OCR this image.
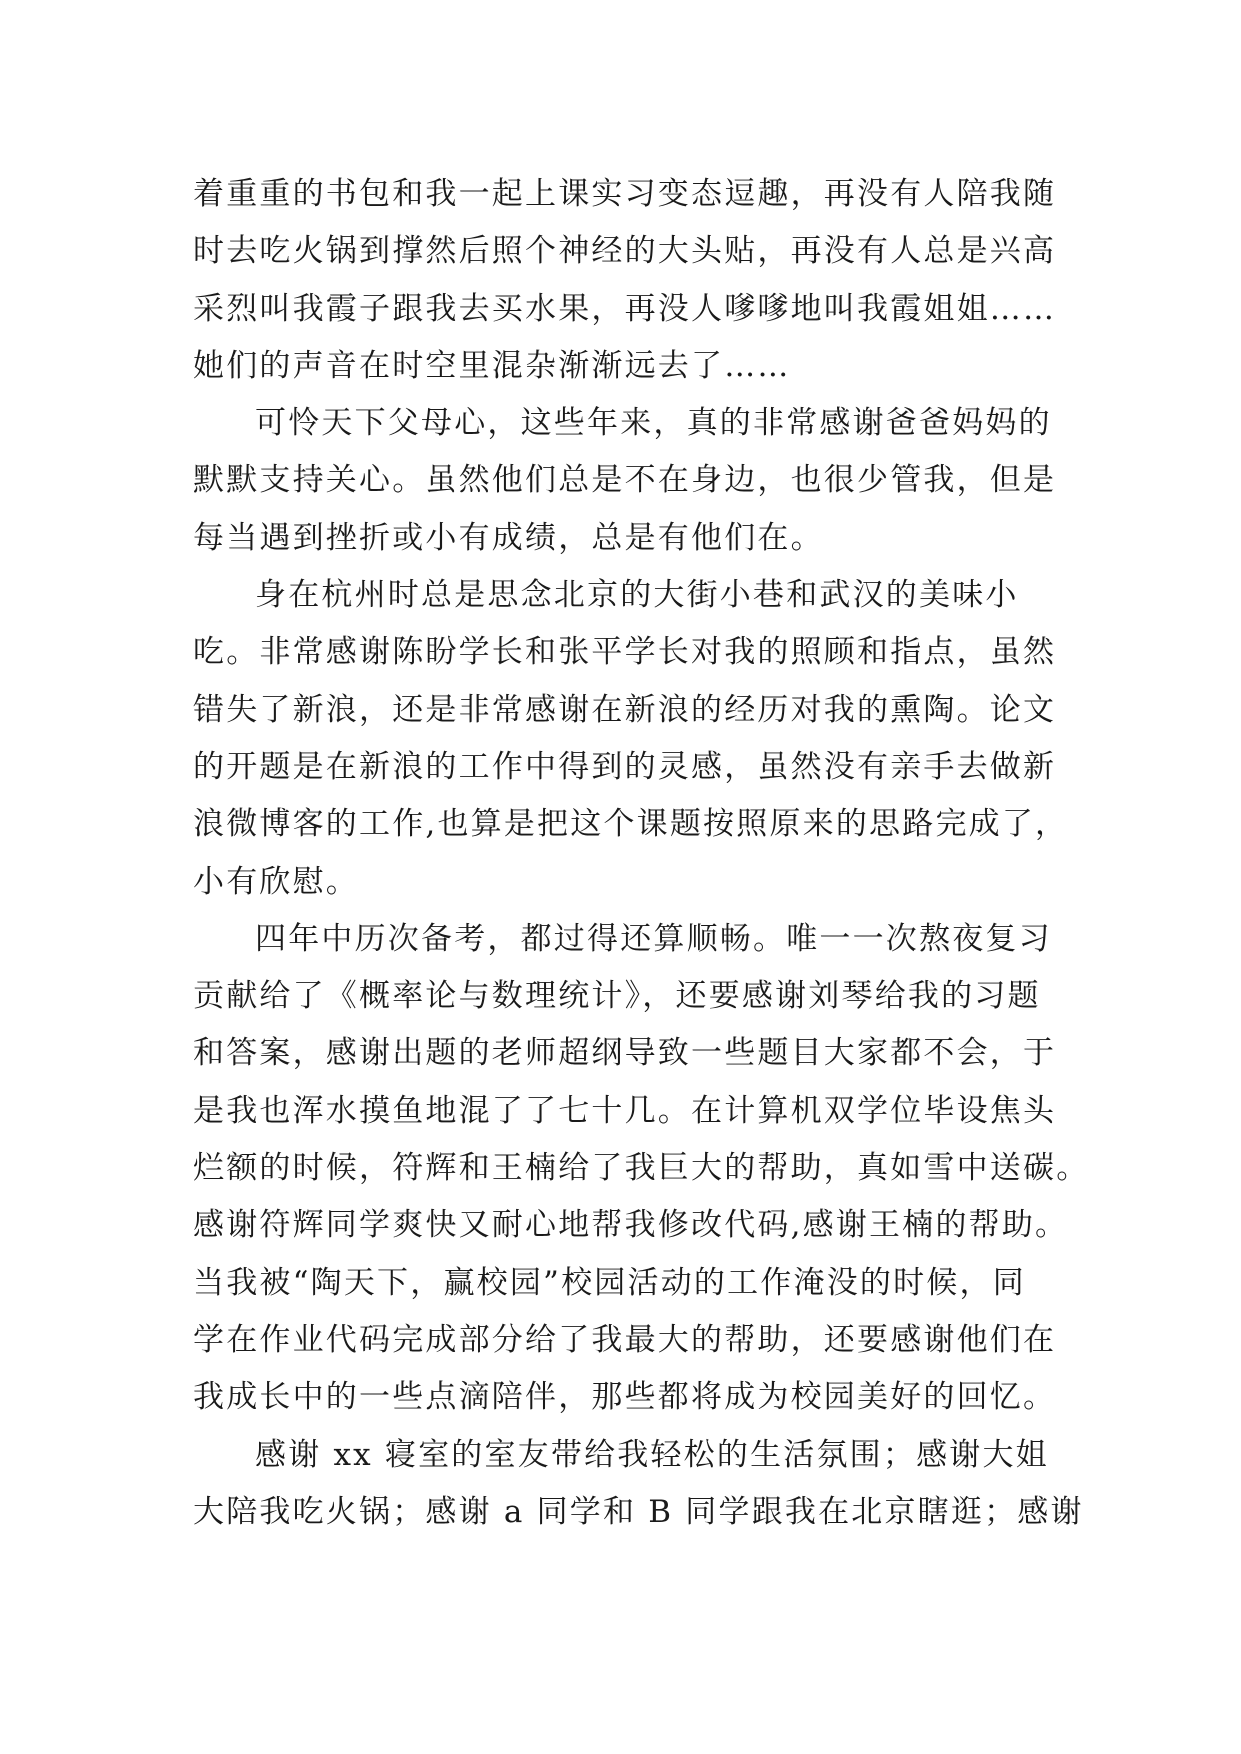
着重重的书包和我一起上课实习变态逗趣，再没有人陪我随
时去吃火锅到撑然后照个神经的大头贴，再没有人总是兴高
采烈叫我霞子跟我去买水果，再没人嗲嗲地叫我霞姐姐……
她们的声音在时空里混杂渐渐远去了……
可怜天下父母心，这些年来，真的非常感谢爸爸妈妈的
默默支持关心。虽然他们总是不在身边，也很少管我，但是
每当遇到挫折或小有成绩，总是有他们在。
身在杭州时总是思念北京的大街小巷和武汉的美味小
吃。非常感谢陈盼学长和张平学长对我的照顾和指点，虽然
错失了新浪，还是非常感谢在新浪的经历对我的熏陶。论文
的开题是在新浪的工作中得到的灵感，虽然没有亲手去做新
浪微博客的工作,也算是把这个课题按照原来的思路完成了，
小有欣慰。
四年中历次备考，都过得还算顺畅。唯一一次熬夜复习
贡献给了《概率论与数理统计》，还要感谢刘琴给我的习题
和答案，感谢出题的老师超纲导致一些题目大家都不会，于
是我也浑水摸鱼地混了了七十几。在计算机双学位毕设焦头
烂额的时候，符辉和王楠给了我巨大的帮助，真如雪中送碳。
感谢符辉同学爽快又耐心地帮我修改代码,感谢王楠的帮助。
当我被“陶天下，赢校园”校园活动的工作淹没的时候，同
学在作业代码完成部分给了我最大的帮助，还要感谢他们在
我成长中的一些点滴陪伴，那些都将成为校园美好的回忆。
感谢 xx 寝室的室友带给我轻松的生活氛围；感谢大姐
大陪我吃火锅；感谢 a 同学和 B 同学跟我在北京瞎逛；感谢
